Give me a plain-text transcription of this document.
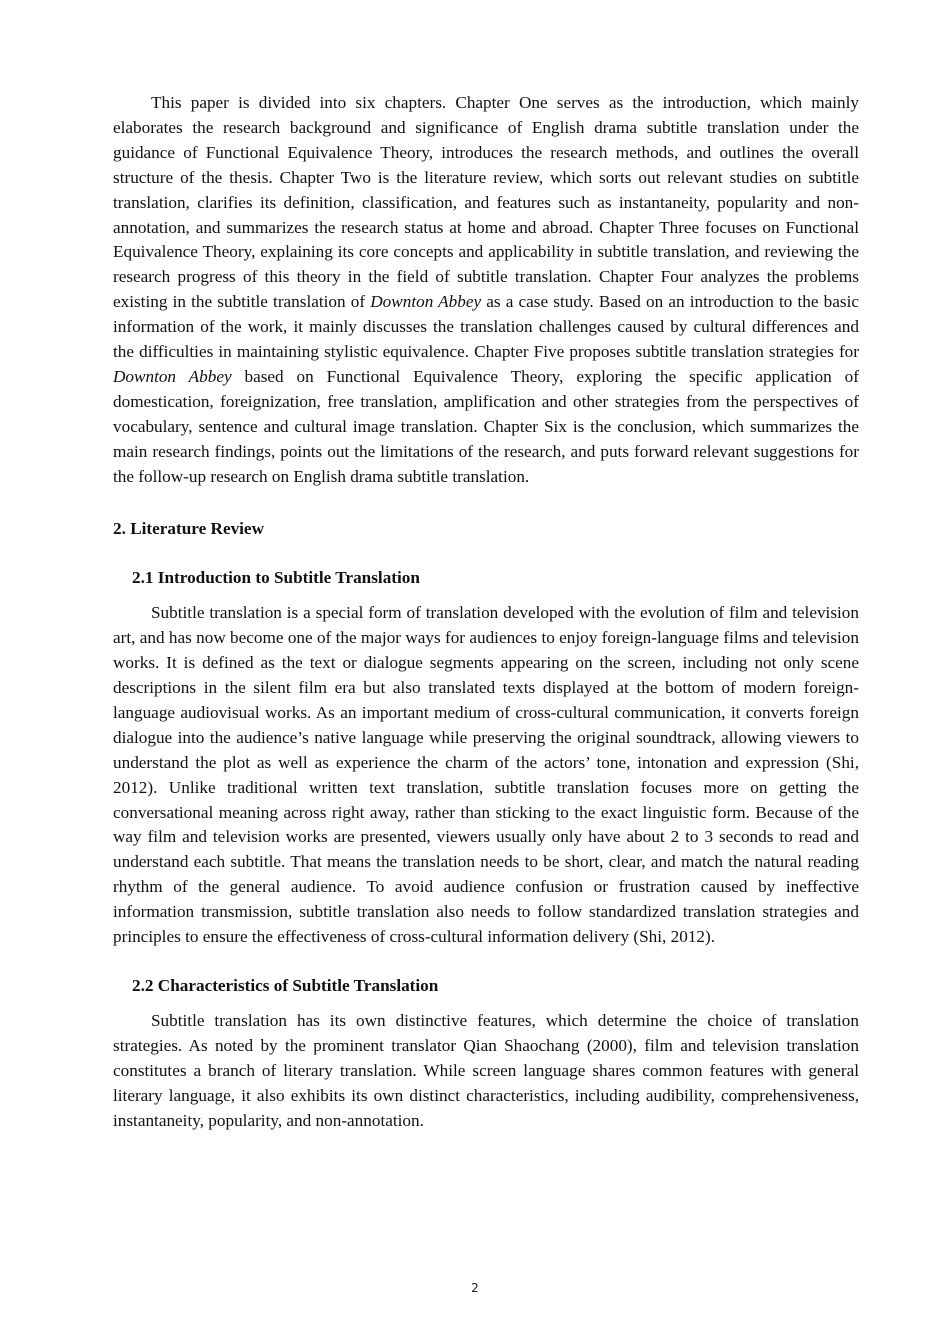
This paper is divided into six chapters. Chapter One serves as the introduction, which mainly elaborates the research background and significance of English drama subtitle translation under the guidance of Functional Equivalence Theory, introduces the research methods, and outlines the overall structure of the thesis. Chapter Two is the literature review, which sorts out relevant studies on subtitle translation, clarifies its definition, classification, and features such as instantaneity, popularity and non-annotation, and summarizes the research status at home and abroad. Chapter Three focuses on Functional Equivalence Theory, explaining its core concepts and applicability in subtitle translation, and reviewing the research progress of this theory in the field of subtitle translation. Chapter Four analyzes the problems existing in the subtitle translation of Downton Abbey as a case study. Based on an introduction to the basic information of the work, it mainly discusses the translation challenges caused by cultural differences and the difficulties in maintaining stylistic equivalence. Chapter Five proposes subtitle translation strategies for Downton Abbey based on Functional Equivalence Theory, exploring the specific application of domestication, foreignization, free translation, amplification and other strategies from the perspectives of vocabulary, sentence and cultural image translation. Chapter Six is the conclusion, which summarizes the main research findings, points out the limitations of the research, and puts forward relevant suggestions for the follow-up research on English drama subtitle translation.

2. Literature Review
2.1 Introduction to Subtitle Translation

Subtitle translation is a special form of translation developed with the evolution of film and television art, and has now become one of the major ways for audiences to enjoy foreign-language films and television works. It is defined as the text or dialogue segments appearing on the screen, including not only scene descriptions in the silent film era but also translated texts displayed at the bottom of modern foreign-language audiovisual works. As an important medium of cross-cultural communication, it converts foreign dialogue into the audience’s native language while preserving the original soundtrack, allowing viewers to understand the plot as well as experience the charm of the actors’ tone, intonation and expression (Shi, 2012). Unlike traditional written text translation, subtitle translation focuses more on getting the conversational meaning across right away, rather than sticking to the exact linguistic form. Because of the way film and television works are presented, viewers usually only have about 2 to 3 seconds to read and understand each subtitle. That means the translation needs to be short, clear, and match the natural reading rhythm of the general audience. To avoid audience confusion or frustration caused by ineffective information transmission, subtitle translation also needs to follow standardized translation strategies and principles to ensure the effectiveness of cross-cultural information delivery (Shi, 2012).

2.2 Characteristics of Subtitle Translation

Subtitle translation has its own distinctive features, which determine the choice of translation strategies. As noted by the prominent translator Qian Shaochang (2000), film and television translation constitutes a branch of literary translation. While screen language shares common features with general literary language, it also exhibits its own distinct characteristics, including audibility, comprehensiveness, instantaneity, popularity, and non-annotation.

2
